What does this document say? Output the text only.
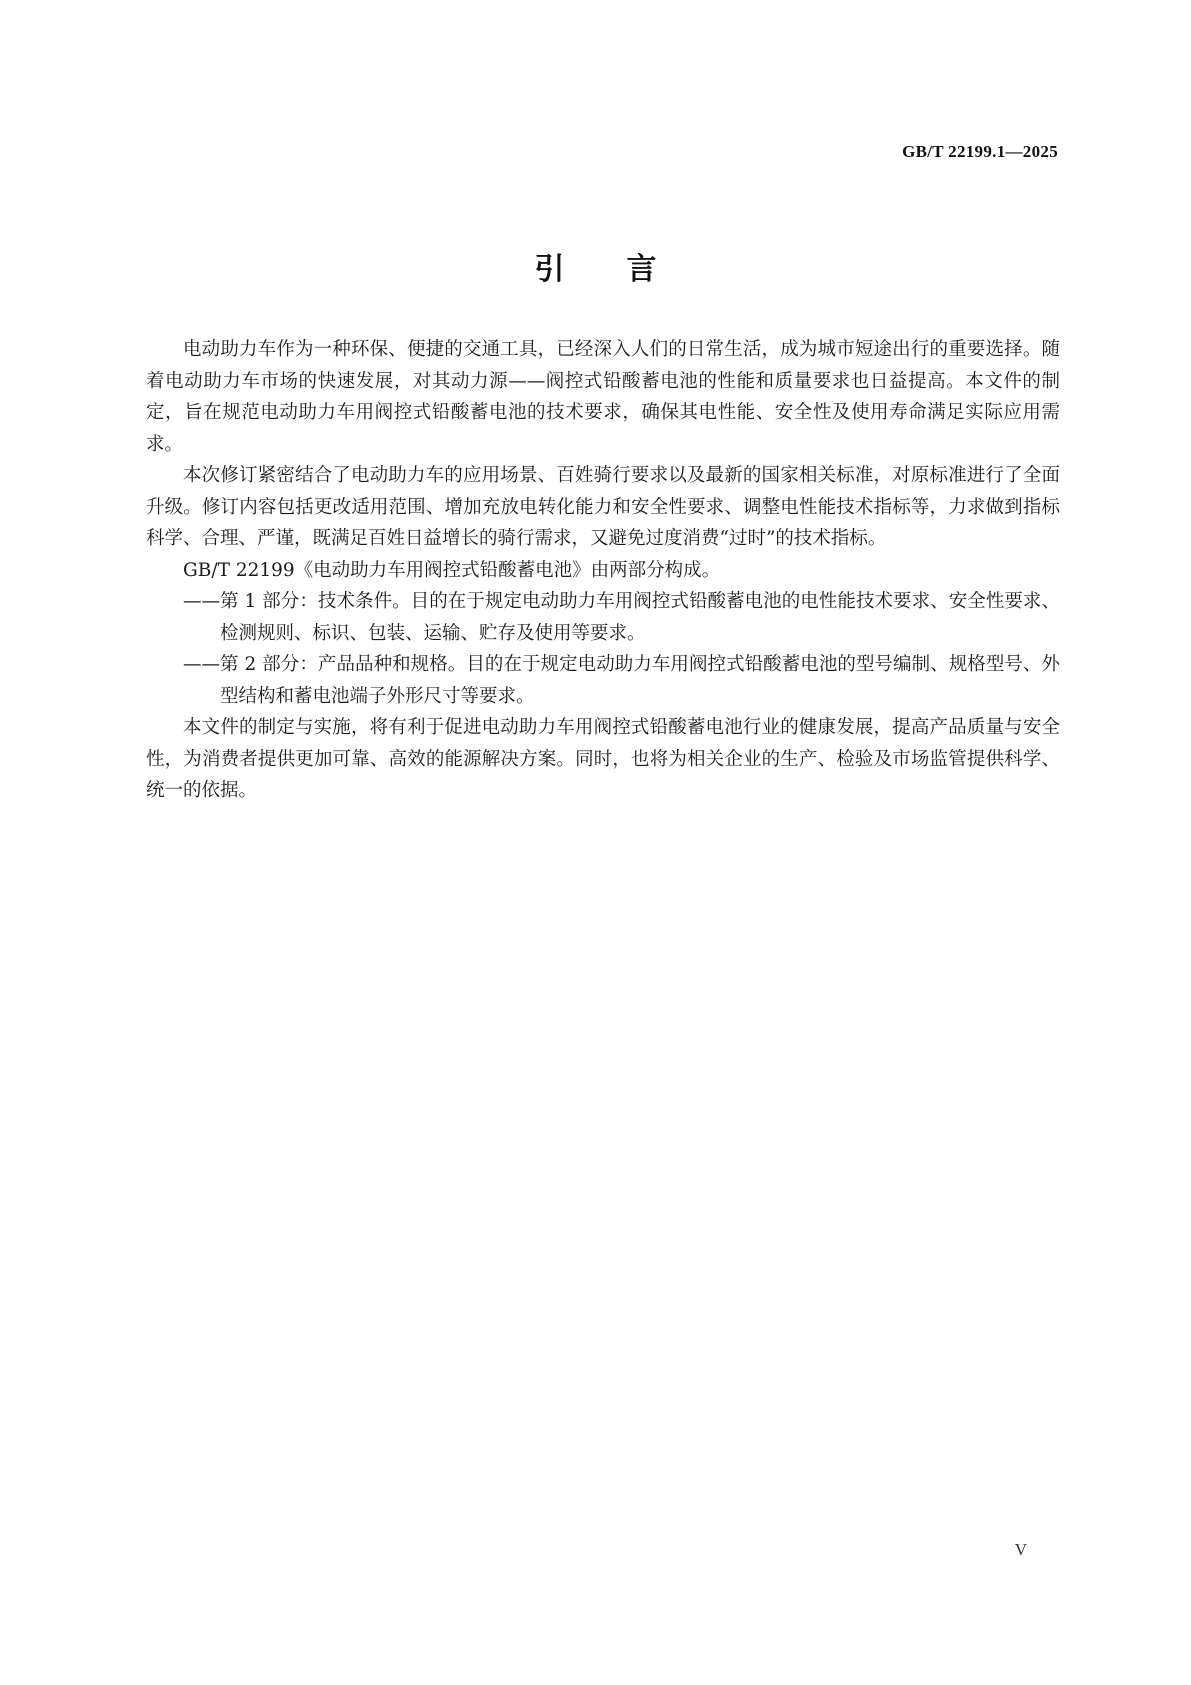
GB/T 22199.1—2025
引言

电动助力车作为一种环保、便捷的交通工具，已经深入人们的日常生活，成为城市短途出行的重要选择。随着电动助力车市场的快速发展，对其动力源——阀控式铅酸蓄电池的性能和质量要求也日益提高。本文件的制定，旨在规范电动助力车用阀控式铅酸蓄电池的技术要求，确保其电性能、安全性及使用寿命满足实际应用需求。

本次修订紧密结合了电动助力车的应用场景、百姓骑行要求以及最新的国家相关标准，对原标准进行了全面升级。修订内容包括更改适用范围、增加充放电转化能力和安全性要求、调整电性能技术指标等，力求做到指标科学、合理、严谨，既满足百姓日益增长的骑行需求，又避免过度消费“过时”的技术指标。

GB/T 22199《电动助力车用阀控式铅酸蓄电池》由两部分构成。

——第 1 部分：技术条件。目的在于规定电动助力车用阀控式铅酸蓄电池的电性能技术要求、安全性要求、检测规则、标识、包装、运输、贮存及使用等要求。

——第 2 部分：产品品种和规格。目的在于规定电动助力车用阀控式铅酸蓄电池的型号编制、规格型号、外型结构和蓄电池端子外形尺寸等要求。

本文件的制定与实施，将有利于促进电动助力车用阀控式铅酸蓄电池行业的健康发展，提高产品质量与安全性，为消费者提供更加可靠、高效的能源解决方案。同时，也将为相关企业的生产、检验及市场监管提供科学、统一的依据。

V
